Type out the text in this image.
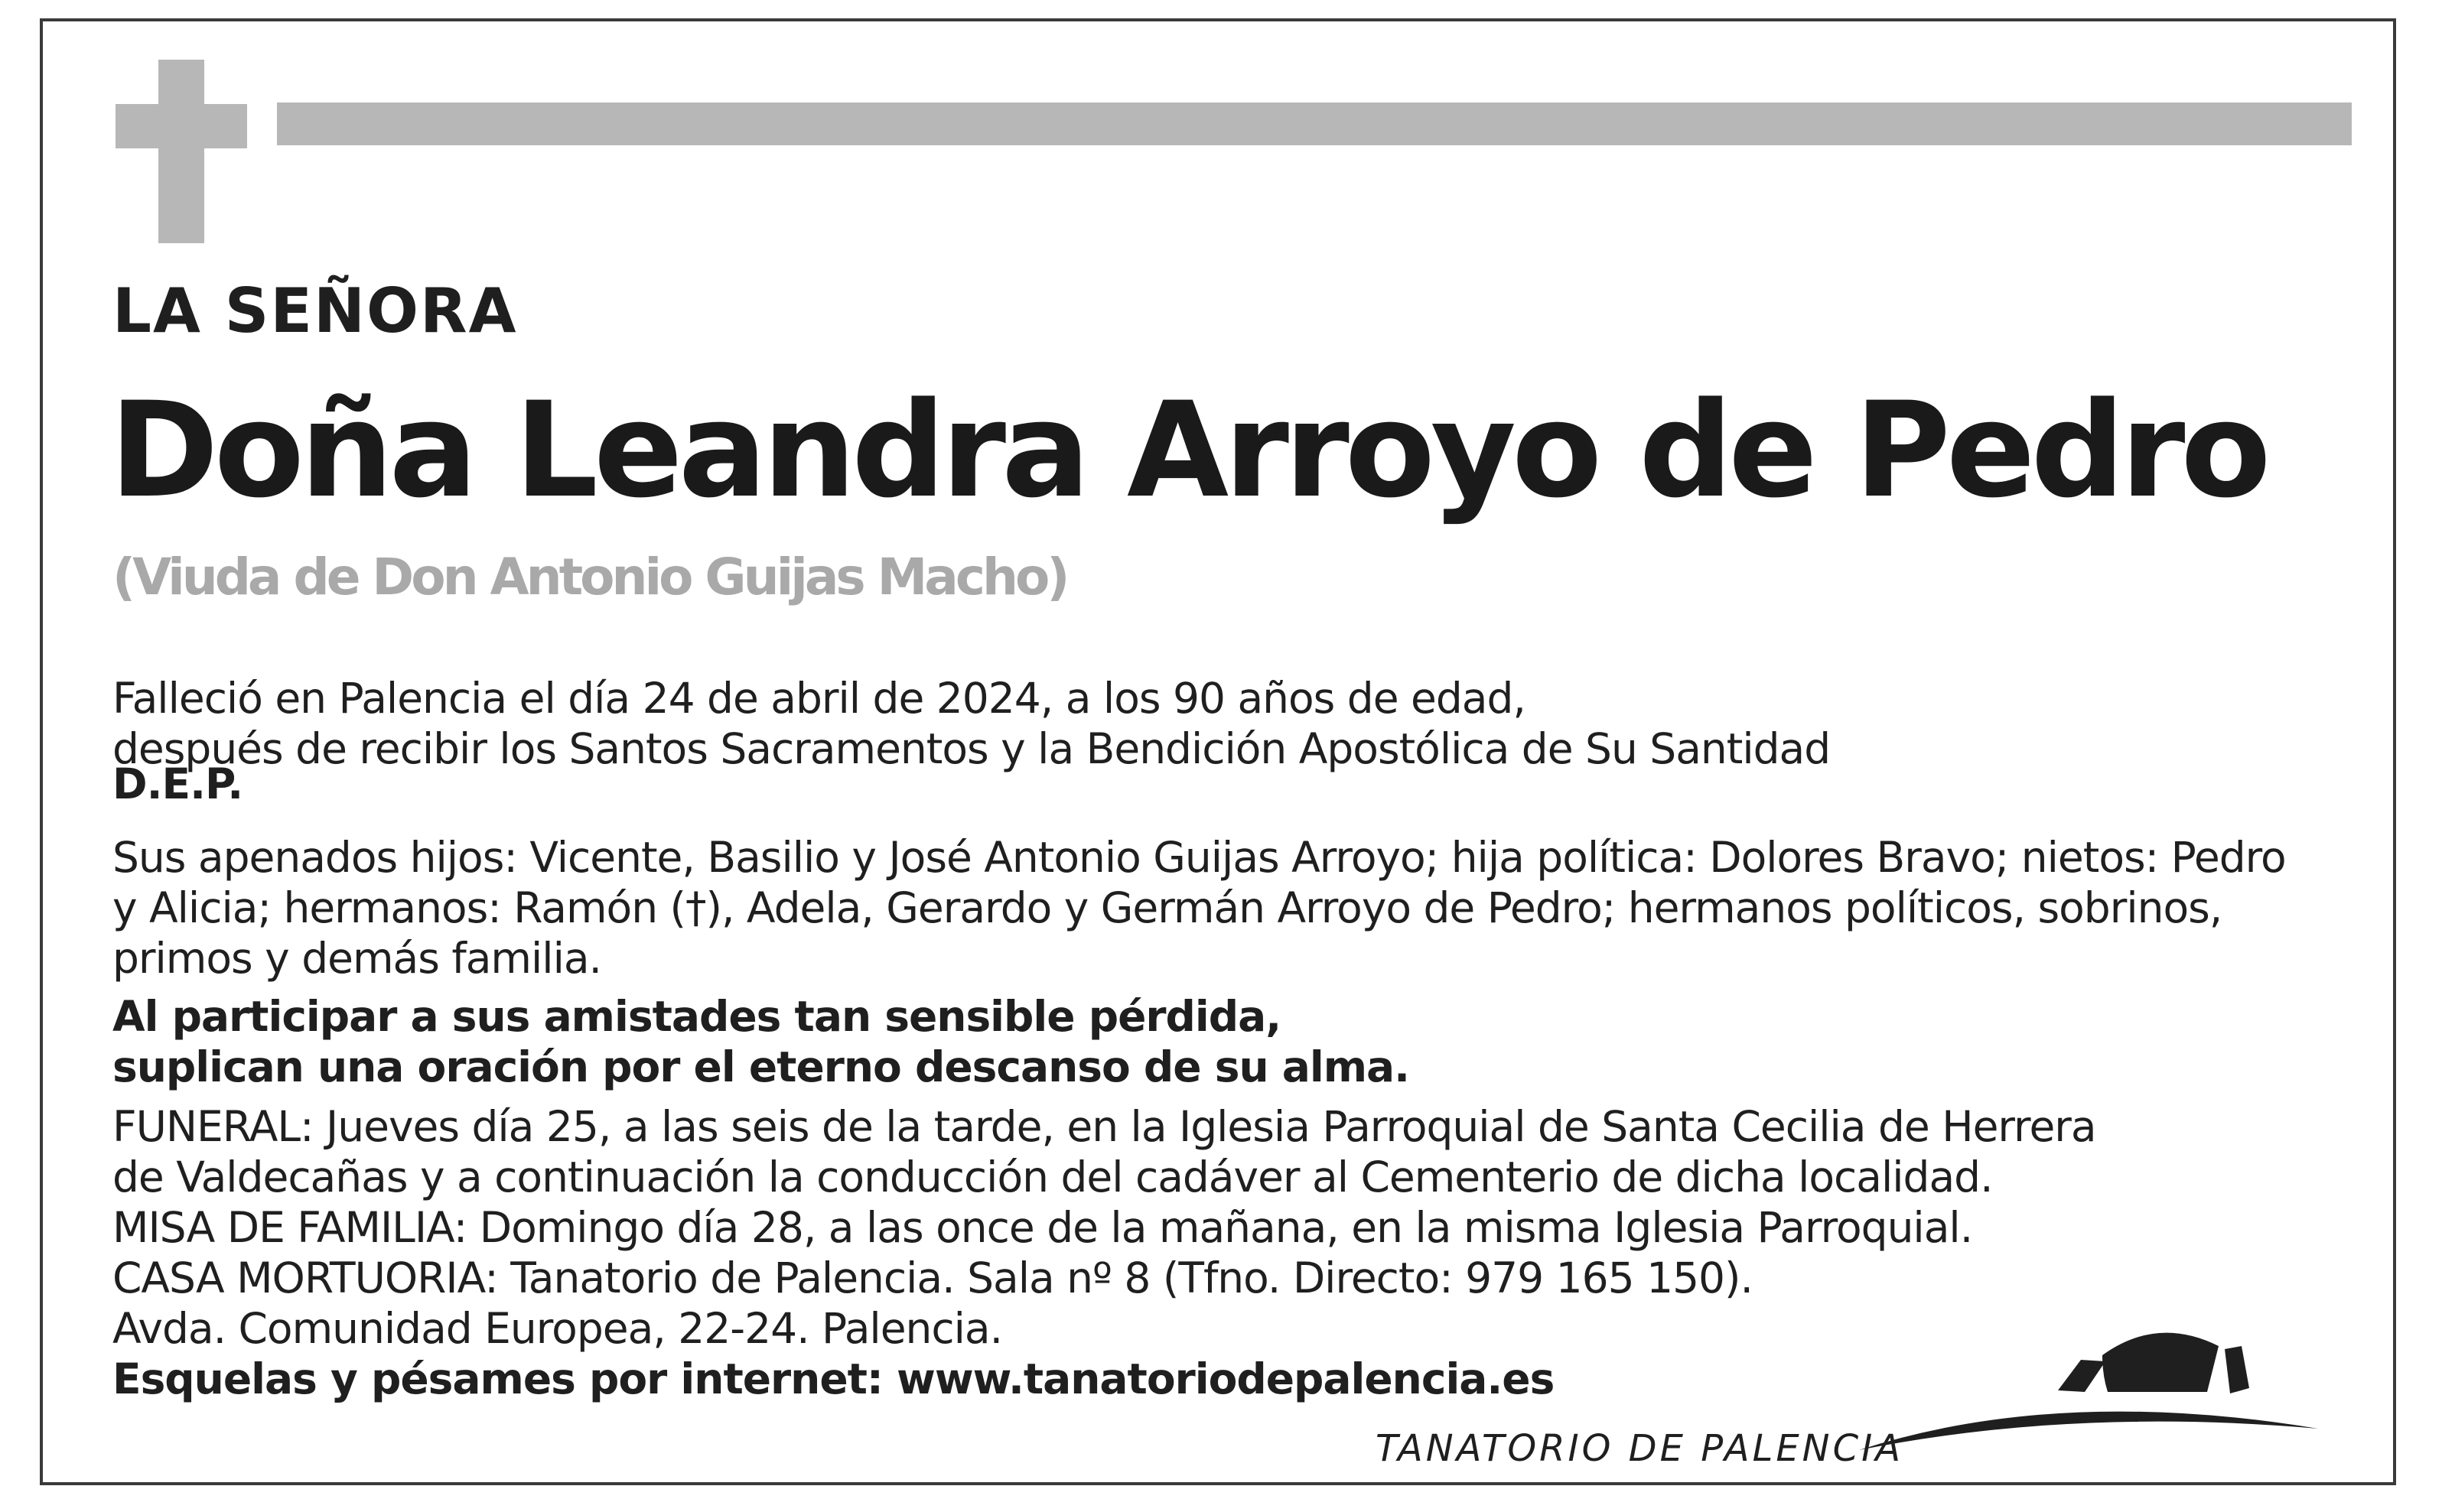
LA SEÑORA
Doña Leandra Arroyo de Pedro
(Viuda de Don Antonio Guijas Macho)
Falleció en Palencia el día 24 de abril de 2024, a los 90 años de edad,
después de recibir los Santos Sacramentos y la Bendición Apostólica de Su Santidad
D.E.P.
Sus apenados hijos: Vicente, Basilio y José Antonio Guijas Arroyo; hija política: Dolores Bravo; nietos: Pedro
y Alicia; hermanos: Ramón (†), Adela, Gerardo y Germán Arroyo de Pedro; hermanos políticos, sobrinos,
primos y demás familia.
Al participar a sus amistades tan sensible pérdida,
suplican una oración por el eterno descanso de su alma.
FUNERAL: Jueves día 25, a las seis de la tarde, en la Iglesia Parroquial de Santa Cecilia de Herrera
de Valdecañas y a continuación la conducción del cadáver al Cementerio de dicha localidad.
MISA DE FAMILIA: Domingo día 28, a las once de la mañana, en la misma Iglesia Parroquial.
CASA MORTUORIA: Tanatorio de Palencia. Sala nº 8 (Tfno. Directo: 979 165 150).
Avda. Comunidad Europea, 22-24. Palencia.
Esquelas y pésames por internet: www.tanatoriodepalencia.es
TANATORIO DE PALENCIA
